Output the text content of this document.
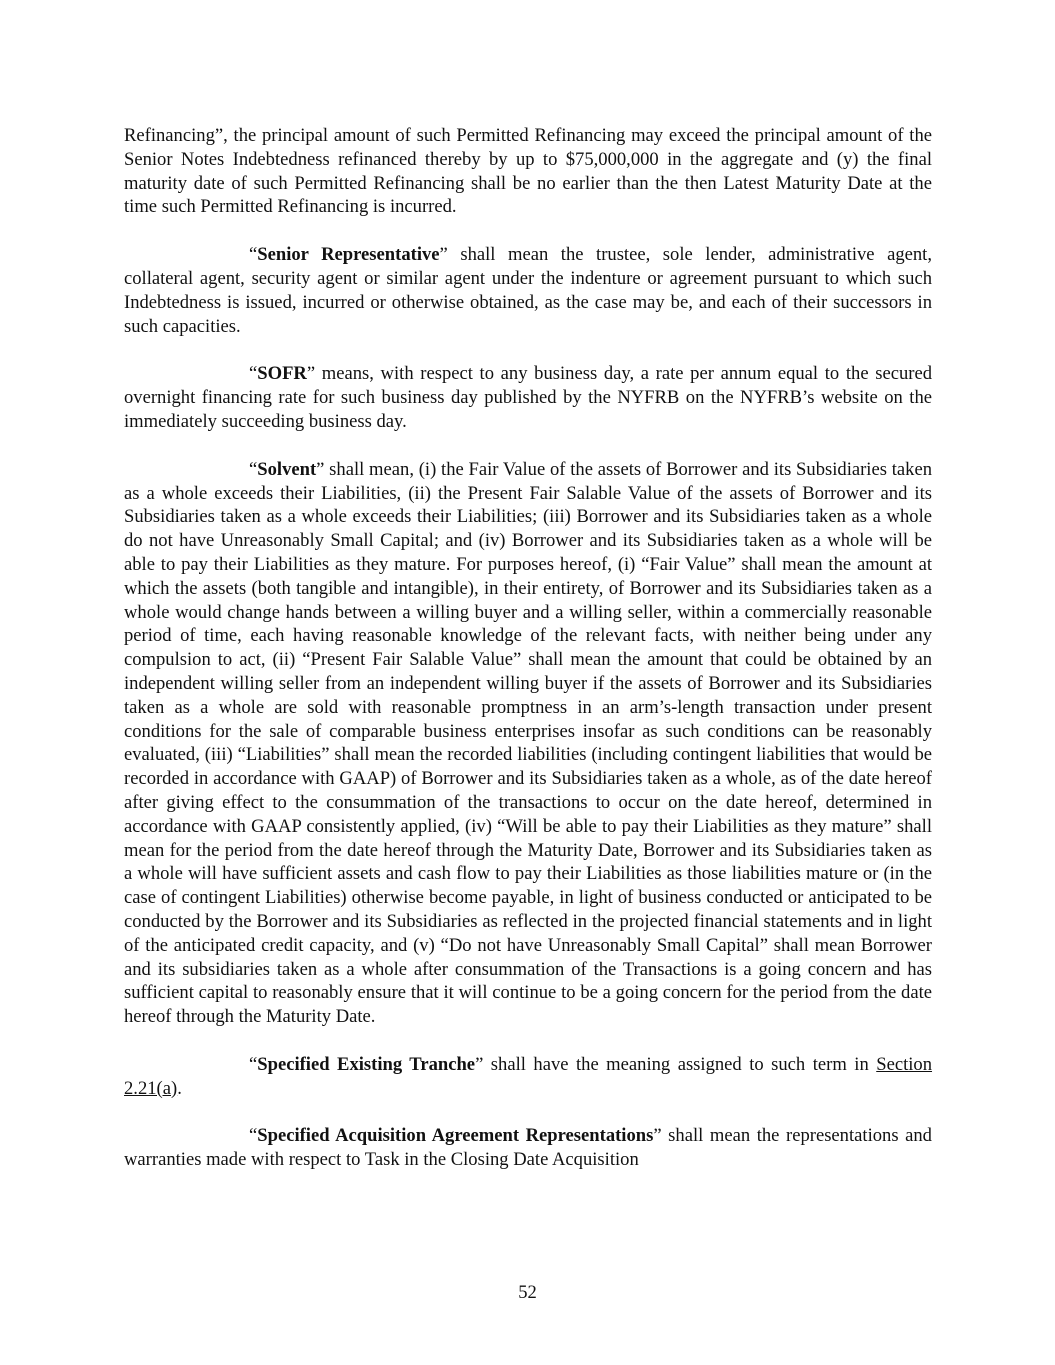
Refinancing”, the principal amount of such Permitted Refinancing may exceed the principal amount of the Senior Notes Indebtedness refinanced thereby by up to $75,000,000 in the aggregate and (y) the final maturity date of such Permitted Refinancing shall be no earlier than the then Latest Maturity Date at the time such Permitted Refinancing is incurred.

“Senior Representative” shall mean the trustee, sole lender, administrative agent, collateral agent, security agent or similar agent under the indenture or agreement pursuant to which such Indebtedness is issued, incurred or otherwise obtained, as the case may be, and each of their successors in such capacities.

“SOFR” means, with respect to any business day, a rate per annum equal to the secured overnight financing rate for such business day published by the NYFRB on the NYFRB’s website on the immediately succeeding business day.

“Solvent” shall mean, (i) the Fair Value of the assets of Borrower and its Subsidiaries taken as a whole exceeds their Liabilities, (ii) the Present Fair Salable Value of the assets of Borrower and its Subsidiaries taken as a whole exceeds their Liabilities; (iii) Borrower and its Subsidiaries taken as a whole do not have Unreasonably Small Capital; and (iv) Borrower and its Subsidiaries taken as a whole will be able to pay their Liabilities as they mature. For purposes hereof, (i) “Fair Value” shall mean the amount at which the assets (both tangible and intangible), in their entirety, of Borrower and its Subsidiaries taken as a whole would change hands between a willing buyer and a willing seller, within a commercially reasonable period of time, each having reasonable knowledge of the relevant facts, with neither being under any compulsion to act, (ii) “Present Fair Salable Value” shall mean the amount that could be obtained by an independent willing seller from an independent willing buyer if the assets of Borrower and its Subsidiaries taken as a whole are sold with reasonable promptness in an arm’s-length transaction under present conditions for the sale of comparable business enterprises insofar as such conditions can be reasonably evaluated, (iii) “Liabilities” shall mean the recorded liabilities (including contingent liabilities that would be recorded in accordance with GAAP) of Borrower and its Subsidiaries taken as a whole, as of the date hereof after giving effect to the consummation of the transactions to occur on the date hereof, determined in accordance with GAAP consistently applied, (iv) “Will be able to pay their Liabilities as they mature” shall mean for the period from the date hereof through the Maturity Date, Borrower and its Subsidiaries taken as a whole will have sufficient assets and cash flow to pay their Liabilities as those liabilities mature or (in the case of contingent Liabilities) otherwise become payable, in light of business conducted or anticipated to be conducted by the Borrower and its Subsidiaries as reflected in the projected financial statements and in light of the anticipated credit capacity, and (v) “Do not have Unreasonably Small Capital” shall mean Borrower and its subsidiaries taken as a whole after consummation of the Transactions is a going concern and has sufficient capital to reasonably ensure that it will continue to be a going concern for the period from the date hereof through the Maturity Date.

“Specified Existing Tranche” shall have the meaning assigned to such term in Section 2.21(a).

“Specified Acquisition Agreement Representations” shall mean the representations and warranties made with respect to Task in the Closing Date Acquisition

52
